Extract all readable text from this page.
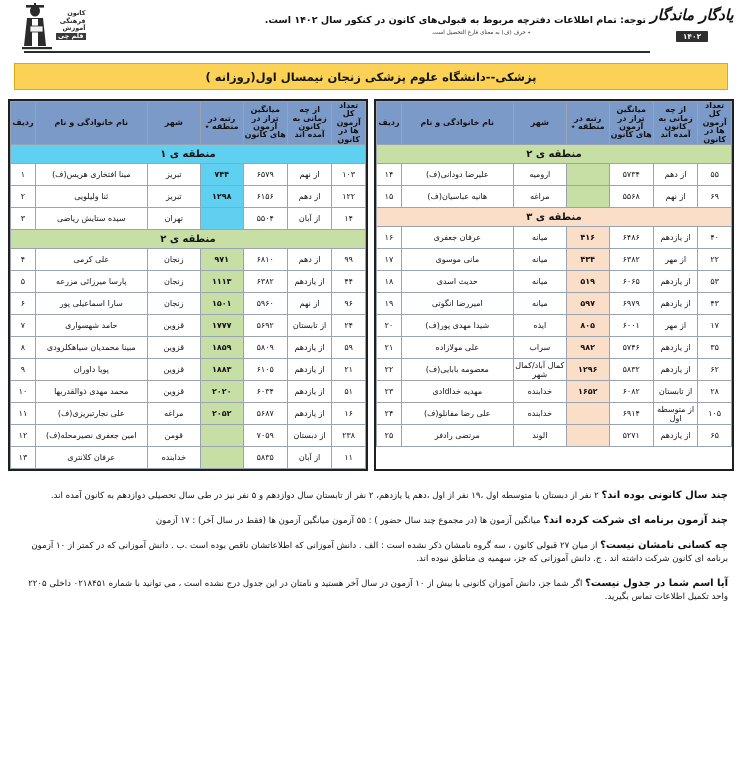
کانون
فرهنگی
آموزش
قلم چی
توجه: تمام اطلاعات دفترچه مربوط به قبولی‌های کانون در کنکور سال ۱۴۰۲ است.
٭ حرف (ف) به معنای فارغ التحصیل است.
یادگار ماندگار
۱۴۰۲
پزشکی--دانشگاه علوم پزشکی زنجان نیمسال اول(روزانه )
تعداد کل آزمون ها در کانون	از چه زمانی به کانون آمده اند	میانگین تراز در آزمون های کانون	رتبه در منطقه ٭	شهر	نام خانوادگی و نام	ردیف
منطقه ی ۲						
۵۵	از دهم	۵۷۳۴		ارومیه	علیرضا دودانی(ف)	۱۴
۶۹	از نهم	۵۵۶۸		مراغه	هانیه عباسیان(ف)	۱۵
منطقه ی ۳						
۴۰	از یازدهم	۶۴۸۶	۴۱۶	میانه	عرفان جعفری	۱۶
۲۲	از مهر	۶۳۸۲	۴۳۴	میانه	مانی موسوی	۱۷
۵۳	از یازدهم	۶۰۶۵	۵۱۹	میانه	حدیث اسدی	۱۸
۴۳	از یازدهم	۶۹۷۹	۵۹۷	میانه	امیررضا انگوتی	۱۹
۱۷	از مهر	۶۰۰۱	۸۰۵	ایذه	شیدا مهدی پور(ف)	۲۰
۳۵	از یازدهم	۵۷۴۶	۹۸۲	سراب	علی مولازاده	۲۱
۶۲	از یازدهم	۵۸۳۲	۱۲۹۶	کمال آباد/کمال شهر	معصومه بابایی(ف)	۲۲
۲۸	از تابستان	۶۰۸۲	۱۶۵۲	خدابنده	مهدیه خداdادی	۲۳
۱۰۵	از متوسطه اول	۶۹۱۴		خدابنده	علی رضا مفانلو(ف)	۲۴
۶۵	از یازدهم	۵۲۷۱		الوند	مرتضی رادفر	۲۵
تعداد کل آزمون ها در کانون	از چه زمانی به کانون آمده اند	میانگین تراز در آزمون های کانون	رتبه در منطقه ٭	شهر	نام خانوادگی و نام	ردیف
منطقه ی ۱						
۱۰۳	از نهم	۶۵۷۹	۷۴۴	تبریز	مینا افتخاری هریس(ف)	۱
۱۲۲	از دهم	۶۱۵۶	۱۲۹۸	تبریز	ثنا ولیلویی	۲
۱۴	از آبان	۵۵۰۴		تهران	سیده ستایش ریاضی	۳
منطقه ی ۲						
۹۹	از دهم	۶۸۱۰	۹۷۱	زنجان	علی کرمی	۴
۴۴	از یازدهم	۶۳۸۲	۱۱۱۳	زنجان	پارسا میرزائی مزرعه	۵
۹۶	از نهم	۵۹۶۰	۱۵۰۱	زنجان	سارا اسماعیلی پور	۶
۲۴	از تابستان	۵۶۹۲	۱۷۷۷	قزوین	حامد شهسواری	۷
۵۹	از یازدهم	۵۸۰۹	۱۸۵۹	قزوین	مبینا محمدیان سیاهکلرودی	۸
۲۱	از یازدهم	۶۱۰۵	۱۸۸۳	قزوین	پویا داوران	۹
۵۱	از یازدهم	۶۰۳۴	۲۰۲۰	قزوین	محمد مهدی ذوالقدربها	۱۰
۱۶	از یازدهم	۵۶۸۷	۲۰۵۲	مراغه	علی نجارتبریزی(ف)	۱۱
۲۳۸	از دبستان	۷۰۵۹		قومن	امین جعفری نصیرمحله(ف)	۱۲
۱۱	از آبان	۵۸۳۵		خدابنده	عرفان کلانتری	۱۳

چند سال کانونی بوده اند؟ ۲ نفر از دبستان با متوسطه اول ،۱۹ نفر از اول ،دهم یا یازدهم، ۲ نفر از تابستان سال دوازدهم و ۵ نفر نیز در طی سال تحصیلی دوازدهم به کانون آمده اند.

چند آزمون برنامه ای شرکت کرده اند؟ میانگین آزمون ها (در مجموع چند سال حضور ) : ۵۵ آزمون میانگین آزمون ها (فقط در سال آخر) : ۱۷ آزمون

چه کسانی نامشان نیست؟ از میان ۲۷ قبولی کانون ، سه گروه نامشان ذکر نشده است : الف . دانش آموزانی که اطلاعاتشان ناقص بوده است .ب . دانش آموزانی که در کمتر از ۱۰ آزمون برنامه ای کانون شرکت داشته اند . ج. دانش آموزانی که جز، سهمیه ی مناطق نبوده اند.

آیا اسم شما در جدول نیست؟ اگر شما جز، دانش آموزان کانونی با بیش از ۱۰ آزمون در سال آخر هستید و نامتان در این جدول درج نشده است ، می توانید با شماره ۰۲۱۸۴۵۱ داخلی ۲۲۰۵ واحد تکمیل اطلاعات تماس بگیرید.
